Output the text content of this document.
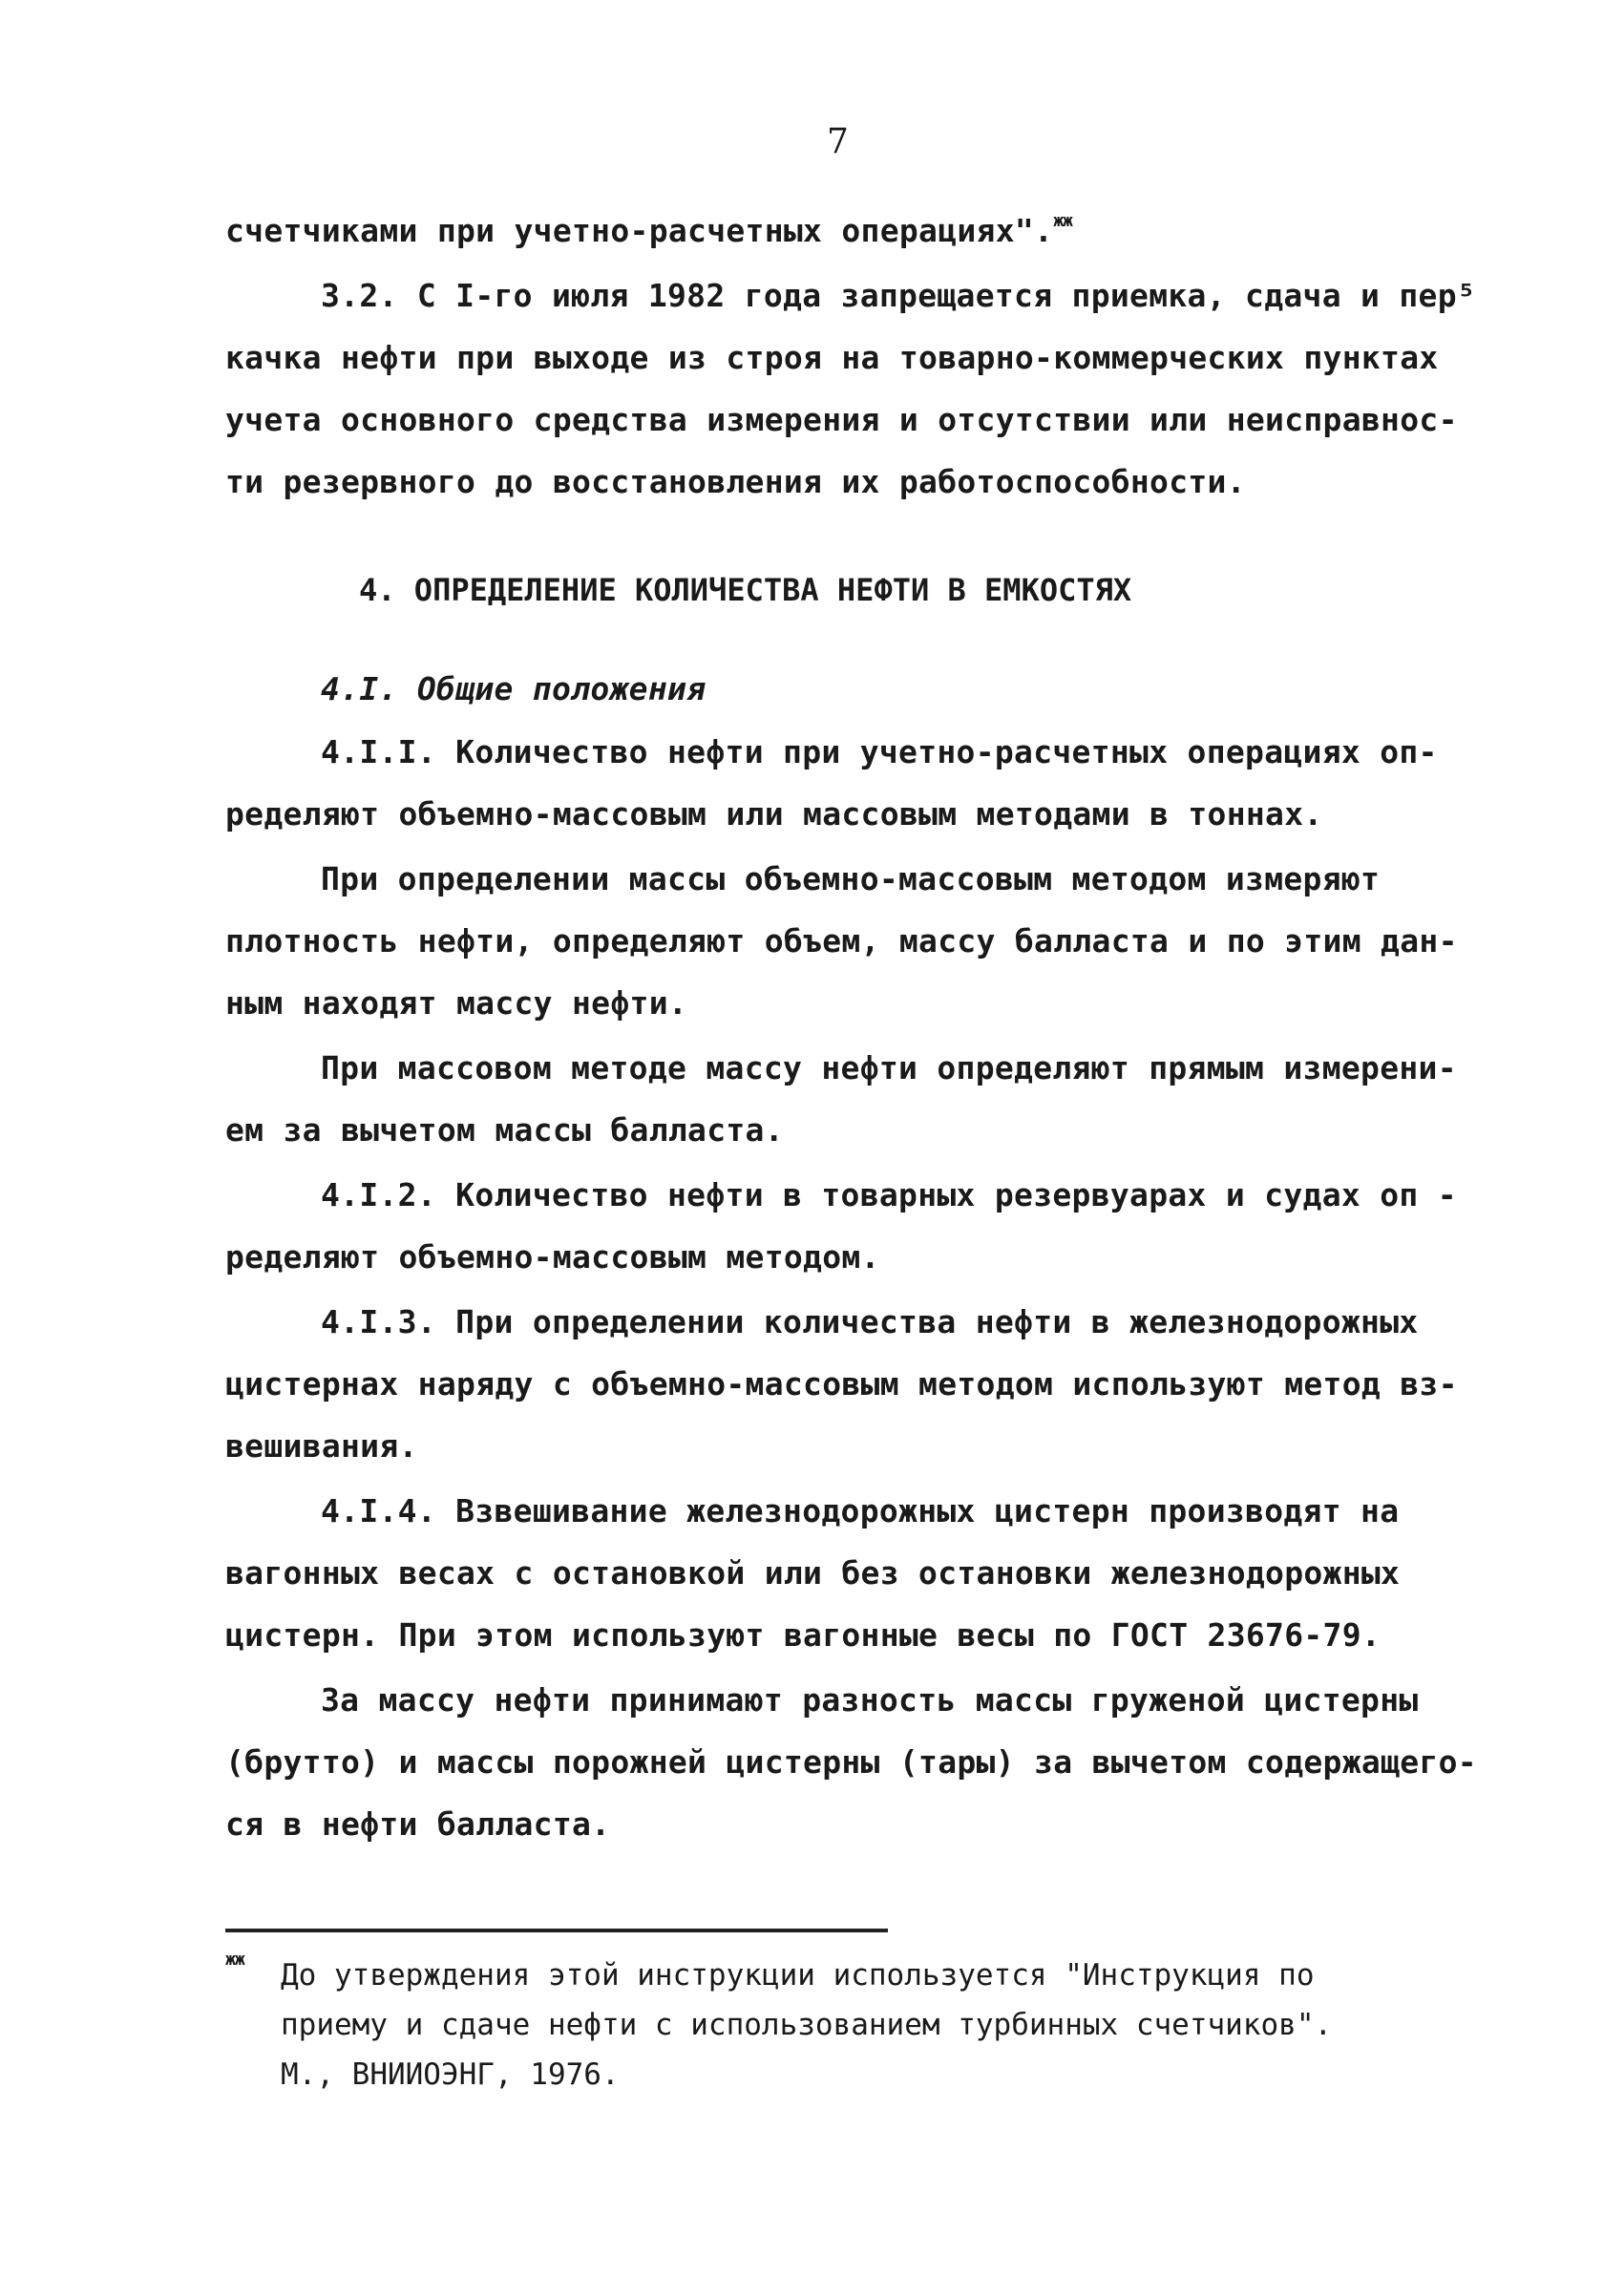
7
счетчиками при учетно-расчетных операциях".$^{жж}$
3.2. С I-го июля 1982 года запрещается приемка, сдача и пер⁵
качка нефти при выходе из строя на товарно-коммерческих пунктах
учета основного средства измерения и отсутствии или неисправнос-
ти резервного до восстановления их работоспособности.
4. ОПРЕДЕЛЕНИЕ КОЛИЧЕСТВА НЕФТИ В ЕМКОСТЯХ
4.I. Общие положения
4.I.I. Количество нефти при учетно-расчетных операциях оп-
ределяют объемно-массовым или массовым методами в тоннах.
При определении массы объемно-массовым методом измеряют
плотность нефти, определяют объем, массу балласта и по этим дан-
ным находят массу нефти.
При массовом методе массу нефти определяют прямым измерени-
ем за вычетом массы балласта.
4.I.2. Количество нефти в товарных резервуарах и судах оп -
ределяют объемно-массовым методом.
4.I.3. При определении количества нефти в железнодорожных
цистернах наряду с объемно-массовым методом используют метод вз-
вешивания.
4.I.4. Взвешивание железнодорожных цистерн производят на
вагонных весах с остановкой или без остановки железнодорожных
цистерн. При этом используют вагонные весы по ГОСТ 23676-79.
За массу нефти принимают разность массы груженой цистерны
(брутто) и массы порожней цистерны (тары) за вычетом содержащего-
ся в нефти балласта.
жж До утверждения этой инструкции используется "Инструкция по
приему и сдаче нефти с использованием турбинных счетчиков".
М., ВНИИОЭНГ, 1976.
